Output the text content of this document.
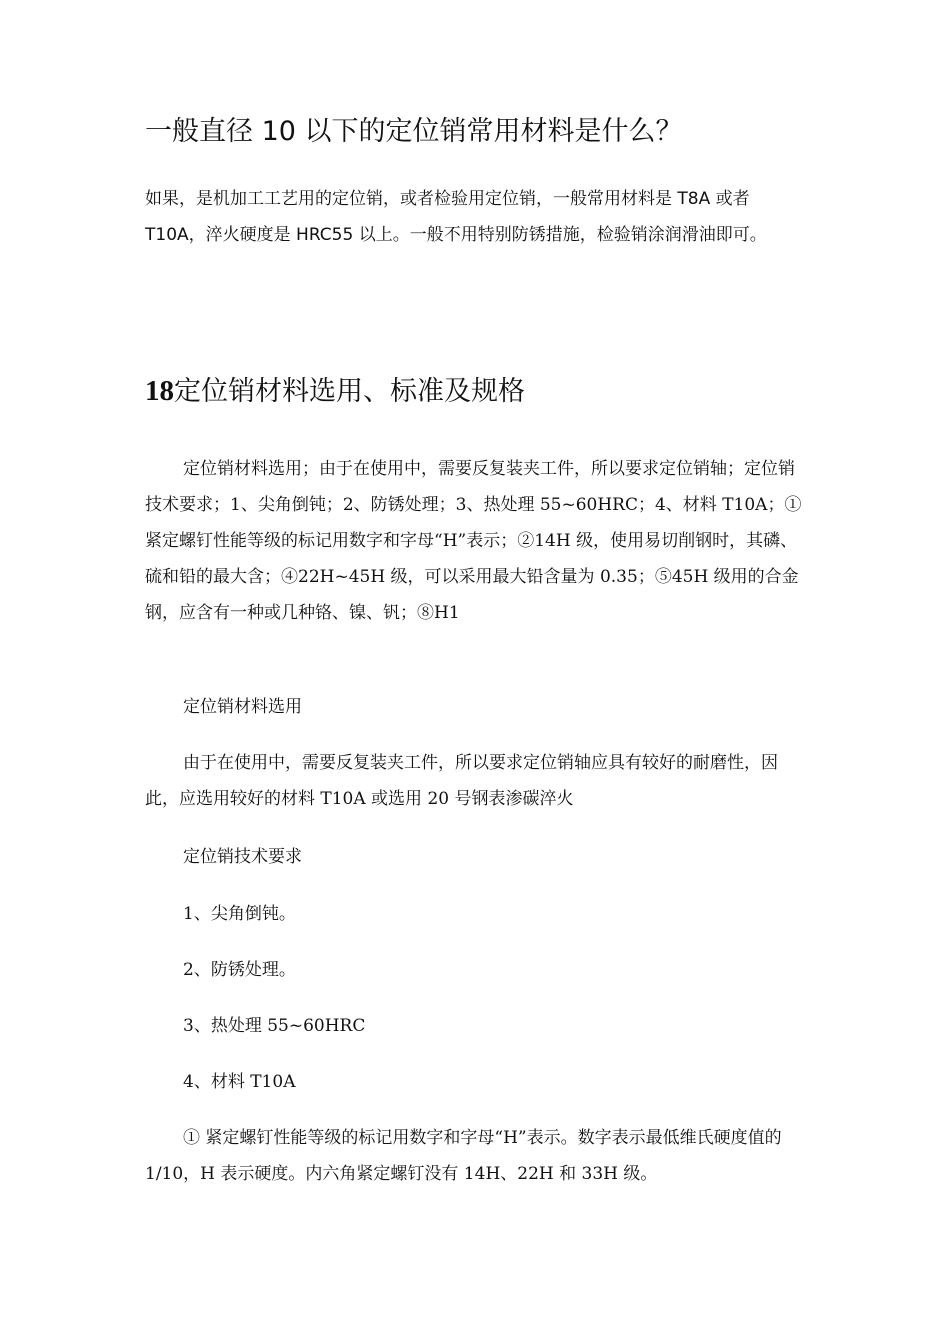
一般直径 10 以下的定位销常用材料是什么？

如果，是机加工工艺用的定位销，或者检验用定位销，一般常用材料是 T8A 或者 T10A，淬火硬度是 HRC55 以上。一般不用特别防锈措施，检验销涂润滑油即可。

18定位销材料选用、标准及规格

定位销材料选用；由于在使用中，需要反复装夹工件，所以要求定位销轴；定位销技术要求；1、尖角倒钝；2、防锈处理；3、热处理 55~60HRC；4、材料 T10A；①紧定螺钉性能等级的标记用数字和字母“H”表示；②14H 级，使用易切削钢时，其磷、硫和铅的最大含；④22H~45H 级，可以采用最大铅含量为 0.35；⑤45H 级用的合金钢，应含有一种或几种铬、镍、钒；⑧H1

定位销材料选用

由于在使用中，需要反复装夹工件，所以要求定位销轴应具有较好的耐磨性，因此，应选用较好的材料 T10A 或选用 20 号钢表渗碳淬火

定位销技术要求

1、尖角倒钝。

2、防锈处理。

3、热处理 55~60HRC

4、材料 T10A

① 紧定螺钉性能等级的标记用数字和字母“H”表示。数字表示最低维氏硬度值的 1/10，H 表示硬度。内六角紧定螺钉没有 14H、22H 和 33H 级。
